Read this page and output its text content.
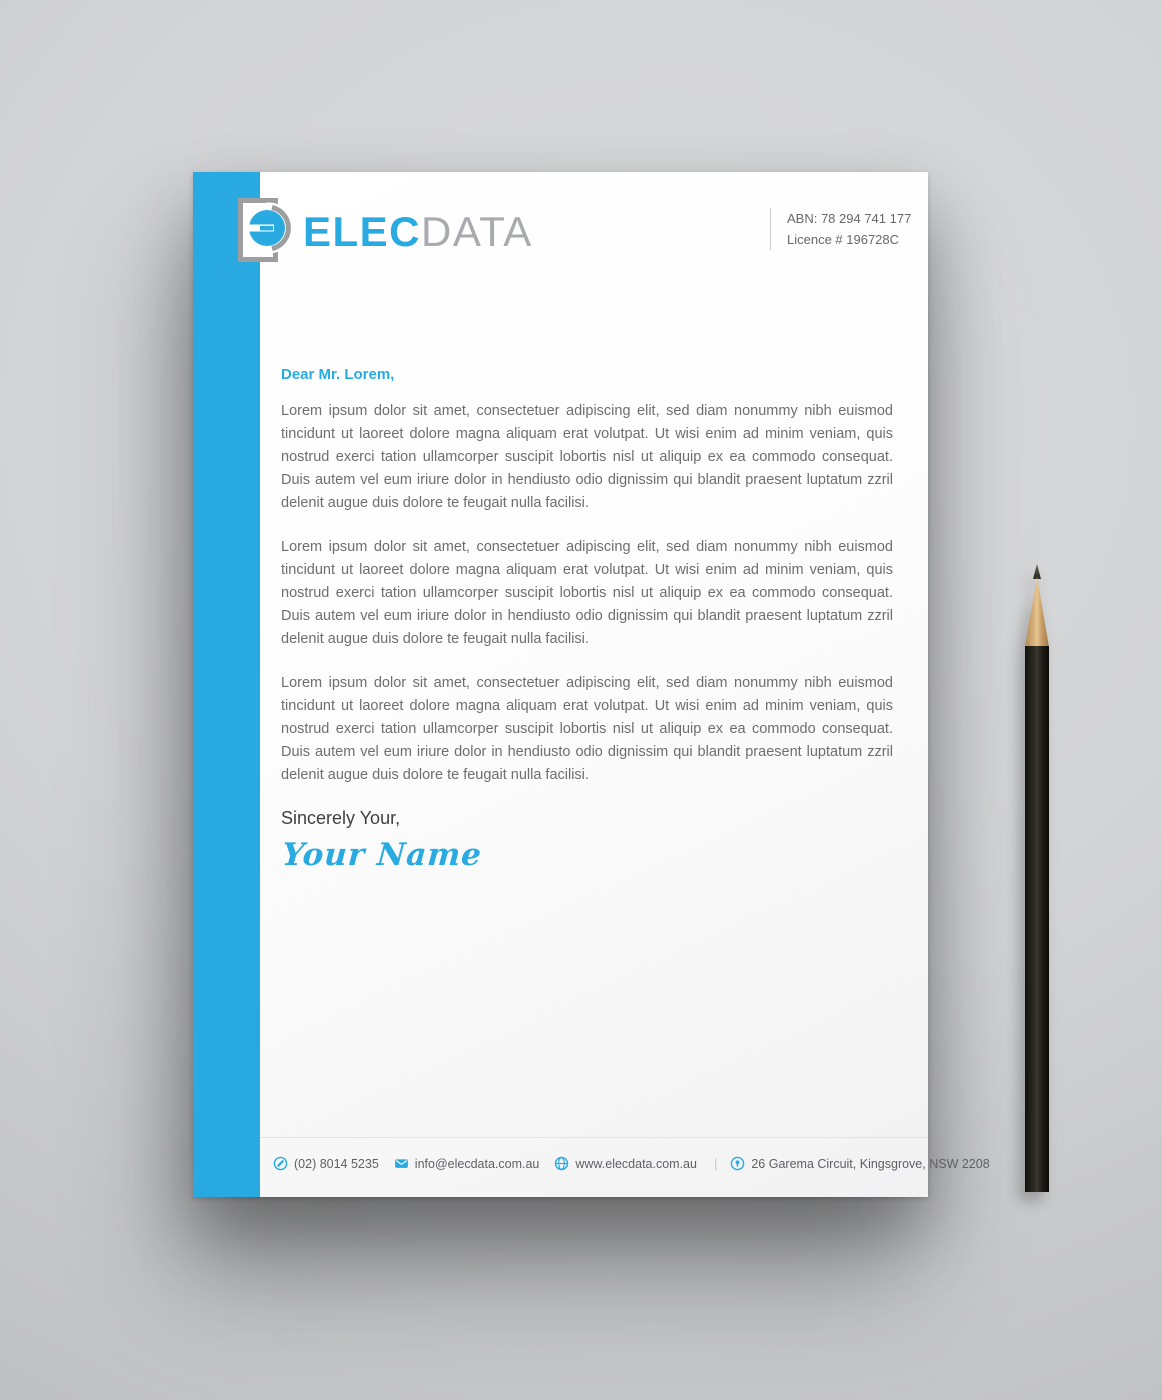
ELECDATA	ABN: 78 294 741 177
Licence # 196728C
Dear Mr. Lorem,

Lorem ipsum dolor sit amet, consectetuer adipiscing elit, sed diam nonummy nibh euismod tincidunt ut laoreet dolore magna aliquam erat volutpat. Ut wisi enim ad minim veniam, quis nostrud exerci tation ullamcorper suscipit lobortis nisl ut aliquip ex ea commodo consequat. Duis autem vel eum iriure dolor in hendiusto odio dignissim qui blandit praesent luptatum zzril delenit augue duis dolore te feugait nulla facilisi.

Lorem ipsum dolor sit amet, consectetuer adipiscing elit, sed diam nonummy nibh euismod tincidunt ut laoreet dolore magna aliquam erat volutpat. Ut wisi enim ad minim veniam, quis nostrud exerci tation ullamcorper suscipit lobortis nisl ut aliquip ex ea commodo consequat. Duis autem vel eum iriure dolor in hendiusto odio dignissim qui blandit praesent luptatum zzril delenit augue duis dolore te feugait nulla facilisi.

Lorem ipsum dolor sit amet, consectetuer adipiscing elit, sed diam nonummy nibh euismod tincidunt ut laoreet dolore magna aliquam erat volutpat. Ut wisi enim ad minim veniam, quis nostrud exerci tation ullamcorper suscipit lobortis nisl ut aliquip ex ea commodo consequat. Duis autem vel eum iriure dolor in hendiusto odio dignissim qui blandit praesent luptatum zzril delenit augue duis dolore te feugait nulla facilisi.

Sincerely Your,
Your Name
(02) 8014 5235	info@elecdata.com.au	www.elecdata.com.au |	26 Garema Circuit, Kingsgrove, NSW 2208
